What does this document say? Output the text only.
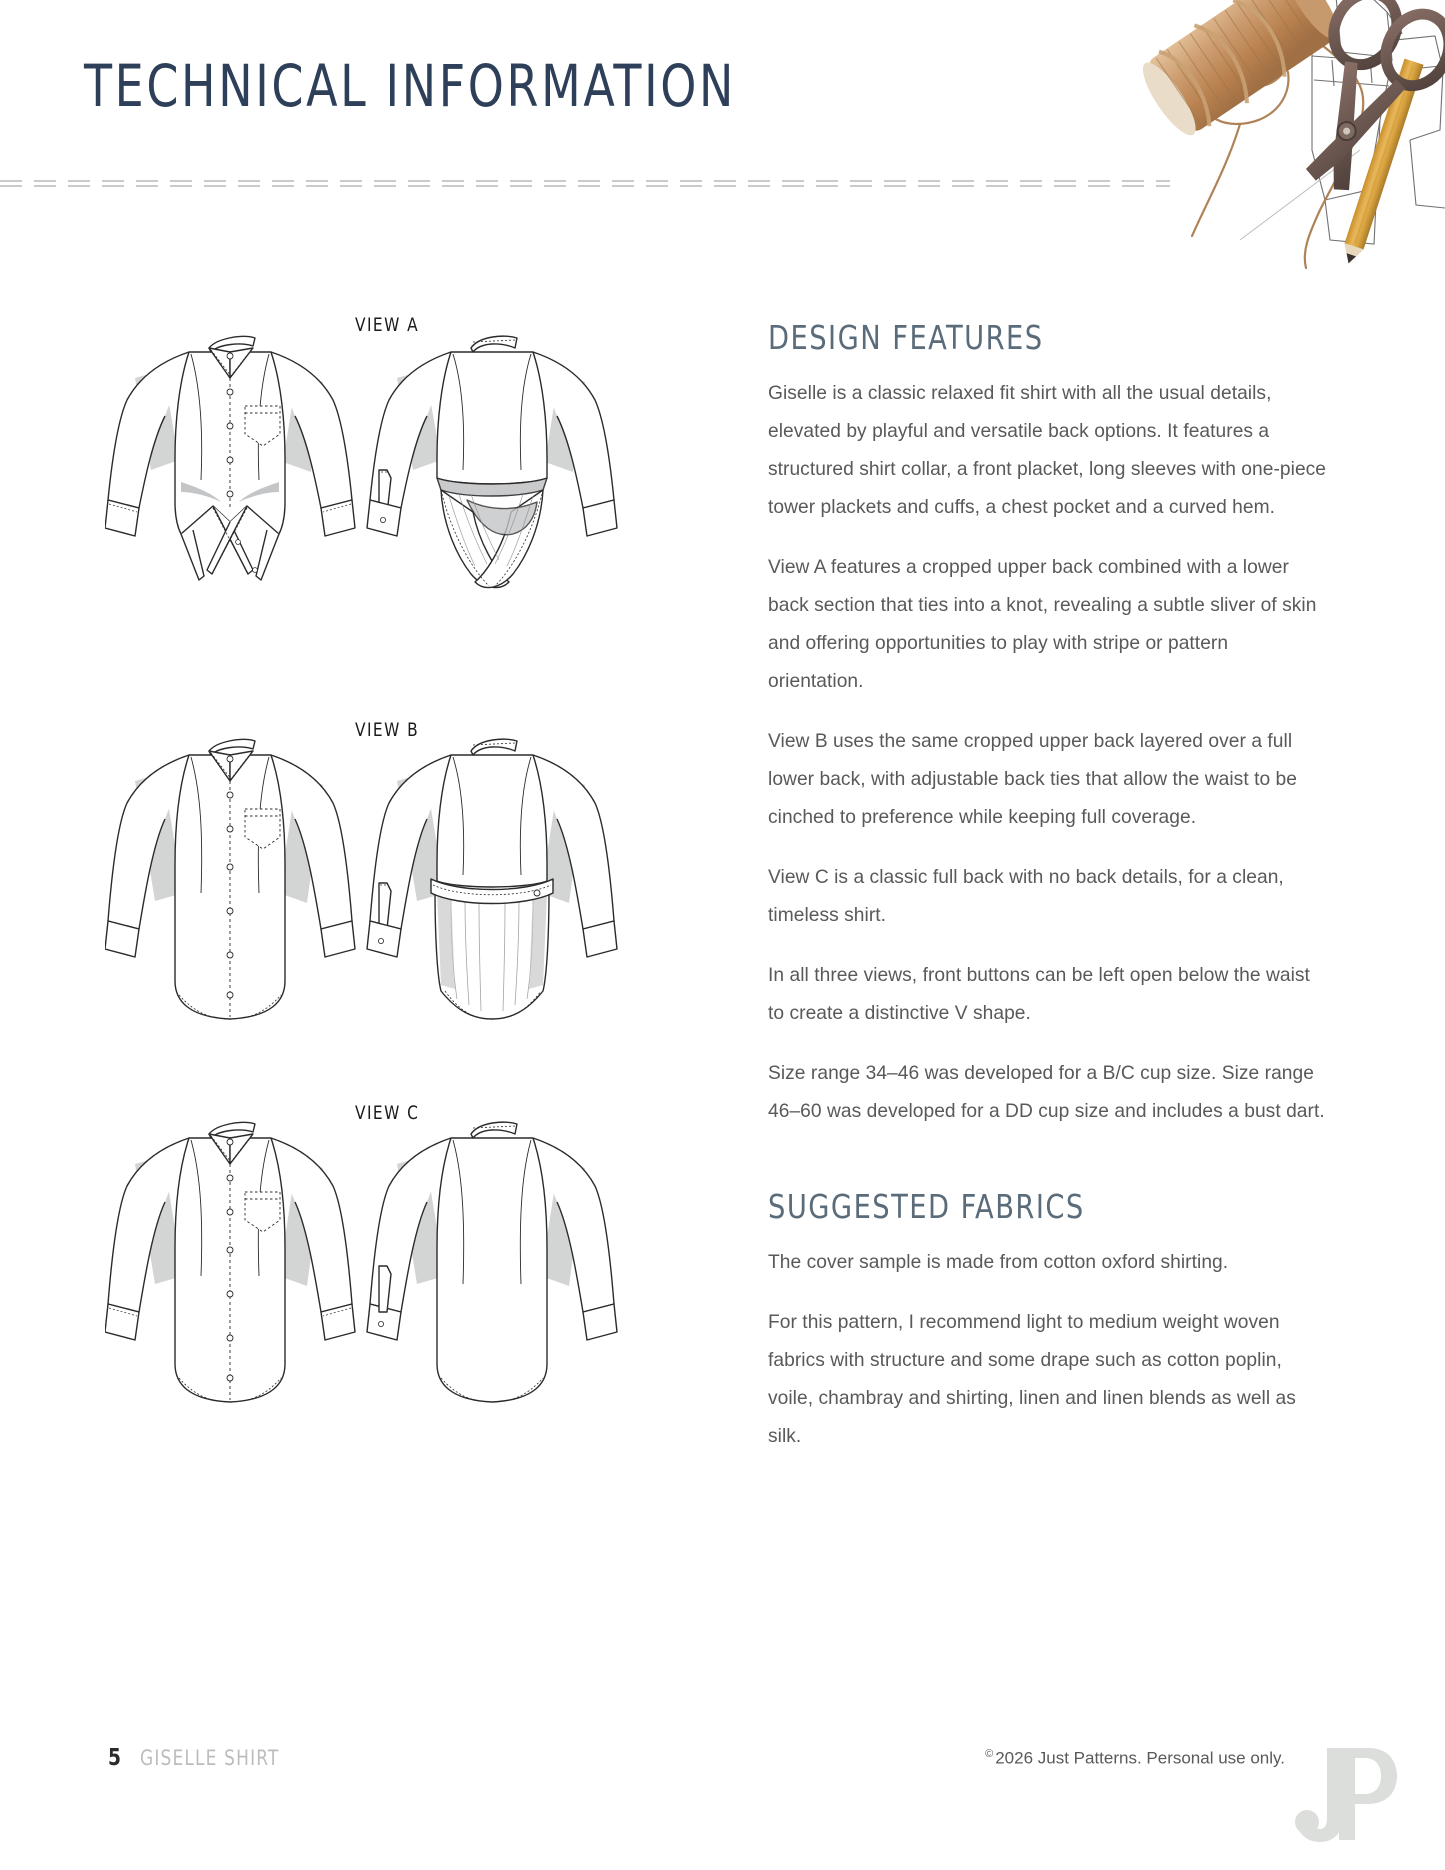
TECHNICAL INFORMATION
VIEW A
VIEW B
VIEW C
DESIGN FEATURES

Giselle is a classic relaxed fit shirt with all the usual details, elevated by playful and versatile back options. It features a structured shirt collar, a front placket, long sleeves with one-piece tower plackets and cuffs, a chest pocket and a curved hem.

View A features a cropped upper back combined with a lower back section that ties into a knot, revealing a subtle sliver of skin and offering opportunities to play with stripe or pattern orientation.

View B uses the same cropped upper back layered over a full lower back, with adjustable back ties that allow the waist to be cinched to preference while keeping full coverage.

View C is a classic full back with no back details, for a clean, timeless shirt.

In all three views, front buttons can be left open below the waist to create a distinctive V shape.

Size range 34–46 was developed for a B/C cup size. Size range 46–60 was developed for a DD cup size and includes a bust dart.

SUGGESTED FABRICS

The cover sample is made from cotton oxford shirting.

For this pattern, I recommend light to medium weight woven fabrics with structure and some drape such as cotton poplin, voile, chambray and shirting, linen and linen blends as well as silk.

5 GISELLE SHIRT	© 2026 Just Patterns. Personal use only.
